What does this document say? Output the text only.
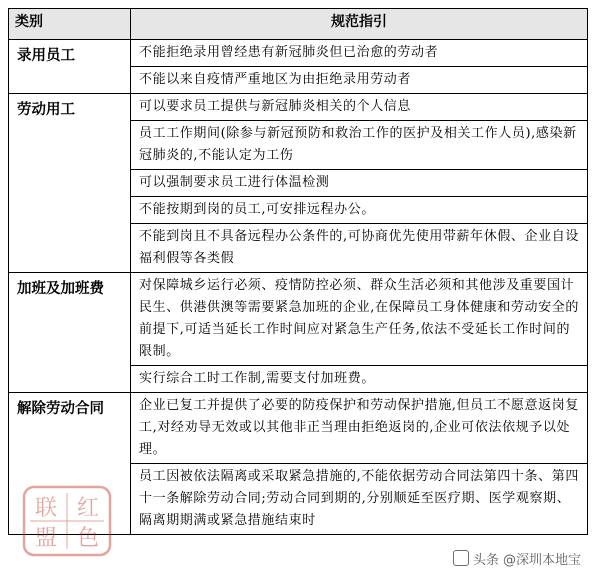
类别	规范指引
录用员工	不能拒绝录用曾经患有新冠肺炎但已治愈的劳动者
	不能以来自疫情严重地区为由拒绝录用劳动者
劳动用工	可以要求员工提供与新冠肺炎相关的个人信息
	员工工作期间(除参与新冠预防和救治工作的医护及相关工作人员),感染新冠肺炎的,不能认定为工伤
	可以强制要求员工进行体温检测
	不能按期到岗的员工,可安排远程办公。
	不能到岗且不具备远程办公条件的,可协商优先使用带薪年休假、企业自设福利假等各类假
加班及加班费	对保障城乡运行必须、疫情防控必须、群众生活必须和其他涉及重要国计民生、供港供澳等需要紧急加班的企业,在保障员工身体健康和劳动安全的前提下,可适当延长工作时间应对紧急生产任务,依法不受延长工作时间的限制。
	实行综合工时工作制,需要支付加班费。
解除劳动合同	企业已复工并提供了必要的防疫保护和劳动保护措施,但员工不愿意返岗复工,对经劝导无效或以其他非正当理由拒绝返岗的,企业可依法依规予以处理。
	员工因被依法隔离或采取紧急措施的,不能依据劳动合同法第四十条、第四十一条解除劳动合同;劳动合同到期的,分别顺延至医疗期、医学观察期、隔离期期满或紧急措施结束时
联 红
盟 色
头条 @深圳本地宝
